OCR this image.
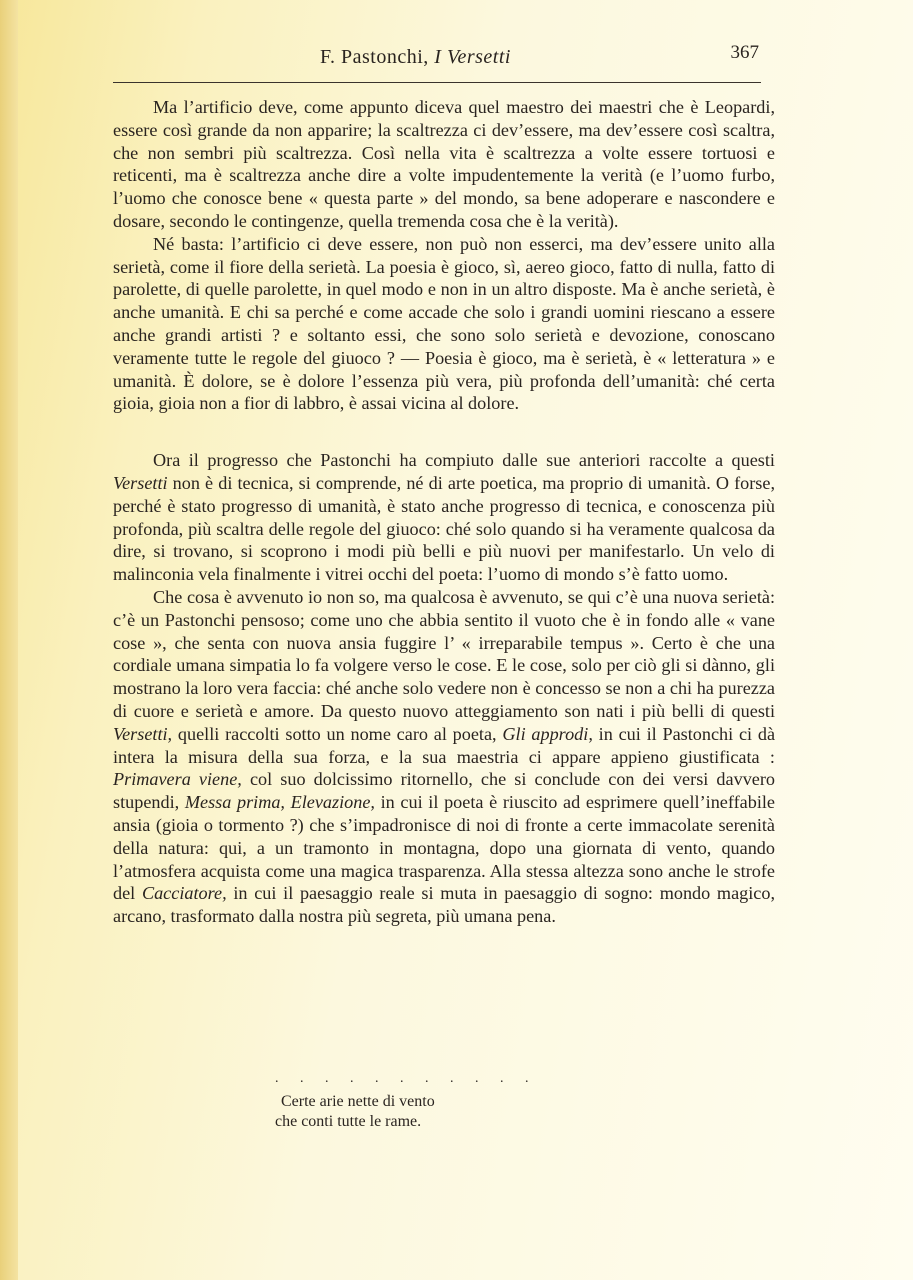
F. Pastonchi, I Versetti	367

Ma l’artificio deve, come appunto diceva quel maestro dei maestri che è Leopardi, essere così grande da non apparire; la scaltrezza ci dev’essere, ma dev’essere così scaltra, che non sembri più scaltrezza. Così nella vita è scaltrezza a volte essere tortuosi e reticenti, ma è scaltrezza anche dire a volte impudentemente la verità (e l’uomo furbo, l’uomo che conosce bene « questa parte » del mondo, sa bene adoperare e nascondere e dosare, secondo le contingenze, quella tremenda cosa che è la verità).

Né basta: l’artificio ci deve essere, non può non esserci, ma dev’essere unito alla serietà, come il fiore della serietà. La poesia è gioco, sì, aereo gioco, fatto di nulla, fatto di parolette, di quelle parolette, in quel modo e non in un altro disposte. Ma è anche serietà, è anche umanità. E chi sa perché e come accade che solo i grandi uomini riescano a essere anche grandi artisti ? e soltanto essi, che sono solo serietà e devozione, conoscano veramente tutte le regole del giuoco ? — Poesia è gioco, ma è serietà, è « letteratura » e umanità. È dolore, se è dolore l’essenza più vera, più profonda dell’umanità: ché certa gioia, gioia non a fior di labbro, è assai vicina al dolore.

Ora il progresso che Pastonchi ha compiuto dalle sue anteriori raccolte a questi Versetti non è di tecnica, si comprende, né di arte poetica, ma proprio di umanità. O forse, perché è stato progresso di umanità, è stato anche progresso di tecnica, e conoscenza più profonda, più scaltra delle regole del giuoco: ché solo quando si ha veramente qualcosa da dire, si trovano, si scoprono i modi più belli e più nuovi per manifestarlo. Un velo di malinconia vela finalmente i vitrei occhi del poeta: l’uomo di mondo s’è fatto uomo.

Che cosa è avvenuto io non so, ma qualcosa è avvenuto, se qui c’è una nuova serietà: c’è un Pastonchi pensoso; come uno che abbia sentito il vuoto che è in fondo alle « vane cose », che senta con nuova ansia fuggire l’ « irreparabile tempus ». Certo è che una cordiale umana simpatia lo fa volgere verso le cose. E le cose, solo per ciò gli si dànno, gli mostrano la loro vera faccia: ché anche solo vedere non è concesso se non a chi ha purezza di cuore e serietà e amore. Da questo nuovo atteggiamento son nati i più belli di questi Versetti, quelli raccolti sotto un nome caro al poeta, Gli approdi, in cui il Pastonchi ci dà intera la misura della sua forza, e la sua maestria ci appare appieno giustificata : Primavera viene, col suo dolcissimo ritornello, che si conclude con dei versi davvero stupendi, Messa prima, Elevazione, in cui il poeta è riuscito ad esprimere quell’ineffabile ansia (gioia o tormento ?) che s’impadronisce di noi di fronte a certe immacolate serenità della natura: qui, a un tramonto in montagna, dopo una giornata di vento, quando l’atmosfera acquista come una magica trasparenza. Alla stessa altezza sono anche le strofe del Cacciatore, in cui il paesaggio reale si muta in paesaggio di sogno: mondo magico, arcano, trasformato dalla nostra più segreta, più umana pena.

. . . . . . . . . . .
Certe arie nette di vento
che conti tutte le rame.
